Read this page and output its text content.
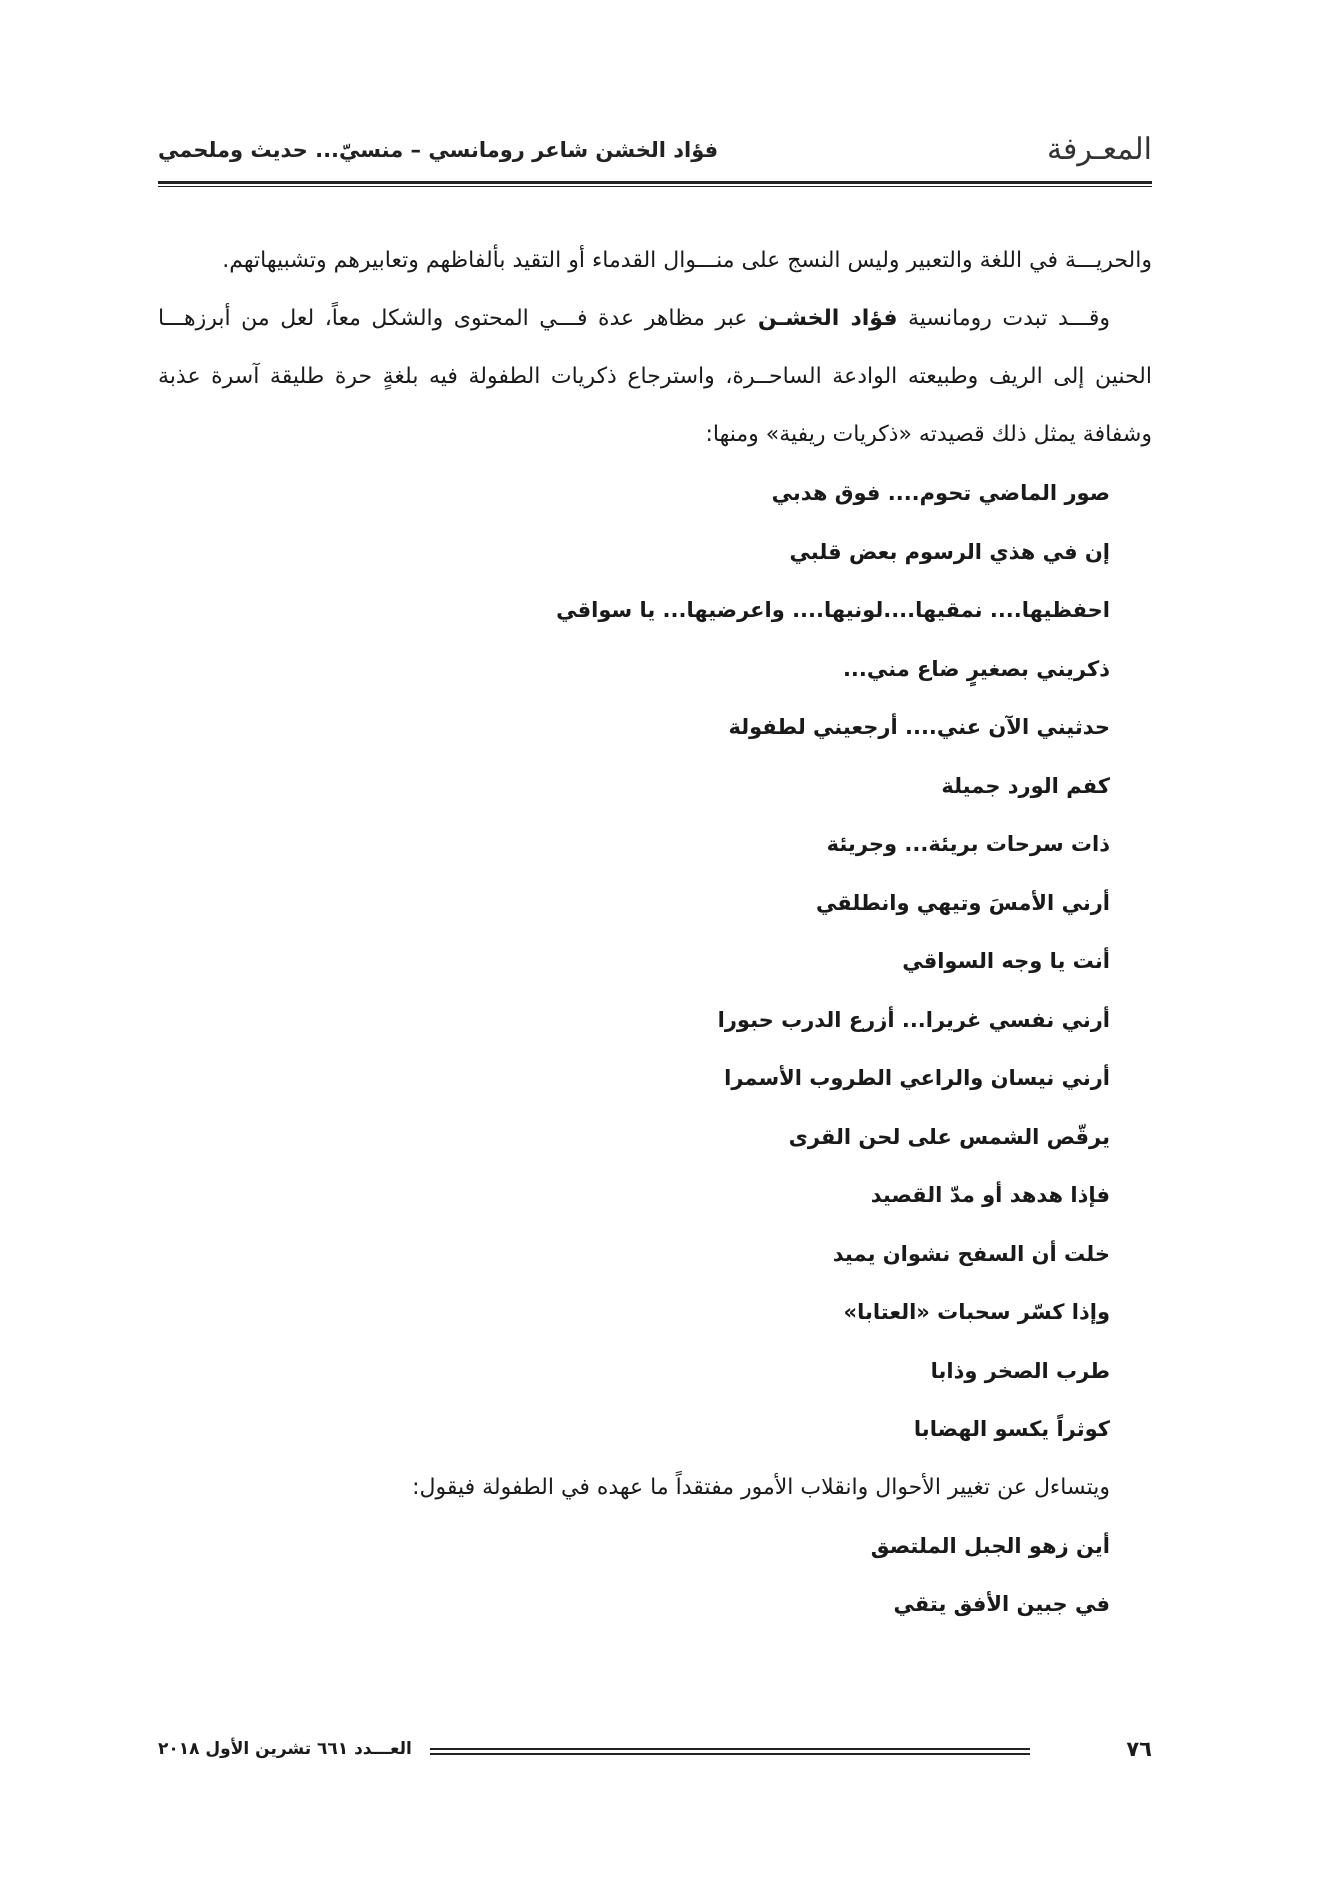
المعـرفة
فؤاد الخشن شاعر رومانسي – منسيّ... حديث وملحمي

والحريـــة في اللغة والتعبير وليس النسج على منـــوال القدماء أو التقيد بألفاظهم وتعابيرهم وتشبيهاتهم.

وقـــد تبدت رومانسية فؤاد الخشـن عبر مظاهر عدة فـــي المحتوى والشكل معاً، لعل من أبرزهـــا الحنين إلى الريف وطبيعته الوادعة الساحــرة، واسترجاع ذكريات الطفولة فيه بلغةٍ حرة طليقة آسرة عذبة وشفافة يمثل ذلك قصيدته «ذكريات ريفية» ومنها:

صور الماضي تحوم.... فوق هدبي
إن في هذي الرسوم بعض قلبي
احفظيها.... نمقيها....لونيها.... واعرضيها... يا سواقي
ذكريني بصغيرٍ ضاع مني...
حدثيني الآن عني.... أرجعيني لطفولة
كفم الورد جميلة
ذات سرحات بريئة... وجريئة
أرني الأمسَ وتيهي وانطلقي
أنت يا وجه السواقي
أرني نفسي غريرا... أزرع الدرب حبورا
أرني نيسان والراعي الطروب الأسمرا
يرقّص الشمس على لحن القرى
فإذا هدهد أو مدّ القصيد
خلت أن السفح نشوان يميد
وإذا كسّر سحبات «العتابا»
طرب الصخر وذابا
كوثراً يكسو الهضابا

ويتساءل عن تغيير الأحوال وانقلاب الأمور مفتقداً ما عهده في الطفولة فيقول:

أين زهو الجبل الملتصق
في جبين الأفق يتقي
٧٦
العـــدد ٦٦١ تشرين الأول ٢٠١٨
